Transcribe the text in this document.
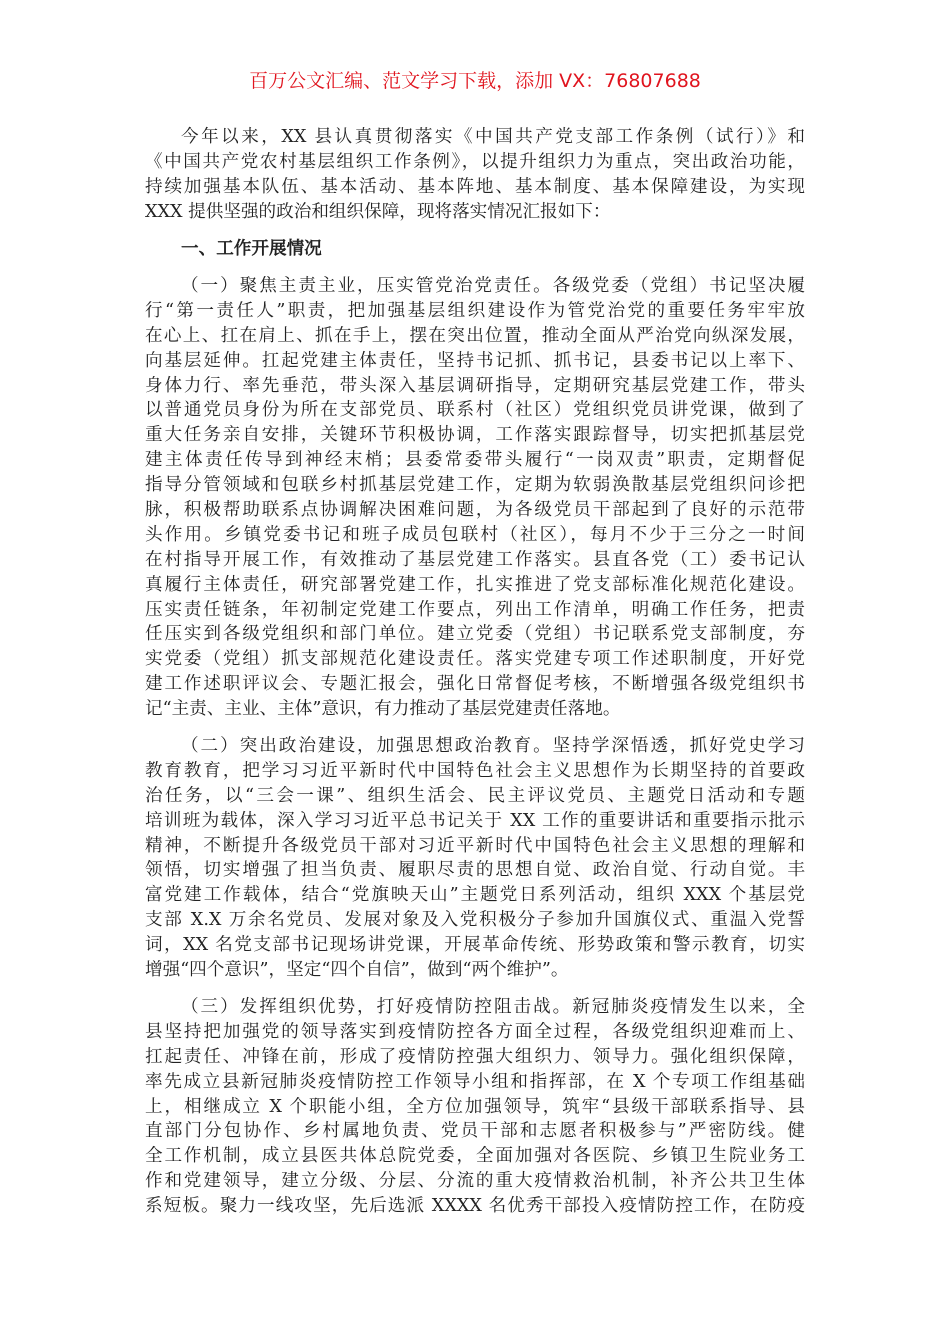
百万公文汇编、范文学习下载，添加 VX：76807688
今年以来，XX 县认真贯彻落实《中国共产党支部工作条例（试行）》和
《中国共产党农村基层组织工作条例》，以提升组织力为重点，突出政治功能，
持续加强基本队伍、基本活动、基本阵地、基本制度、基本保障建设，为实现
XXX 提供坚强的政治和组织保障，现将落实情况汇报如下：
一、工作开展情况
（一）聚焦主责主业，压实管党治党责任。各级党委（党组）书记坚决履
行“第一责任人”职责，把加强基层组织建设作为管党治党的重要任务牢牢放
在心上、扛在肩上、抓在手上，摆在突出位置，推动全面从严治党向纵深发展，
向基层延伸。扛起党建主体责任，坚持书记抓、抓书记，县委书记以上率下、
身体力行、率先垂范，带头深入基层调研指导，定期研究基层党建工作，带头
以普通党员身份为所在支部党员、联系村（社区）党组织党员讲党课，做到了
重大任务亲自安排，关键环节积极协调，工作落实跟踪督导，切实把抓基层党
建主体责任传导到神经末梢；县委常委带头履行“一岗双责”职责，定期督促
指导分管领域和包联乡村抓基层党建工作，定期为软弱涣散基层党组织问诊把
脉，积极帮助联系点协调解决困难问题，为各级党员干部起到了良好的示范带
头作用。乡镇党委书记和班子成员包联村（社区），每月不少于三分之一时间
在村指导开展工作，有效推动了基层党建工作落实。县直各党（工）委书记认
真履行主体责任，研究部署党建工作，扎实推进了党支部标准化规范化建设。
压实责任链条，年初制定党建工作要点，列出工作清单，明确工作任务，把责
任压实到各级党组织和部门单位。建立党委（党组）书记联系党支部制度，夯
实党委（党组）抓支部规范化建设责任。落实党建专项工作述职制度，开好党
建工作述职评议会、专题汇报会，强化日常督促考核，不断增强各级党组织书
记“主责、主业、主体”意识，有力推动了基层党建责任落地。
（二）突出政治建设，加强思想政治教育。坚持学深悟透，抓好党史学习
教育教育，把学习习近平新时代中国特色社会主义思想作为长期坚持的首要政
治任务，以“三会一课”、组织生活会、民主评议党员、主题党日活动和专题
培训班为载体，深入学习习近平总书记关于 XX 工作的重要讲话和重要指示批示
精神，不断提升各级党员干部对习近平新时代中国特色社会主义思想的理解和
领悟，切实增强了担当负责、履职尽责的思想自觉、政治自觉、行动自觉。丰
富党建工作载体，结合“党旗映天山”主题党日系列活动，组织 XXX 个基层党
支部 X.X 万余名党员、发展对象及入党积极分子参加升国旗仪式、重温入党誓
词，XX 名党支部书记现场讲党课，开展革命传统、形势政策和警示教育，切实
增强“四个意识”，坚定“四个自信”，做到“两个维护”。
（三）发挥组织优势，打好疫情防控阻击战。新冠肺炎疫情发生以来，全
县坚持把加强党的领导落实到疫情防控各方面全过程，各级党组织迎难而上、
扛起责任、冲锋在前，形成了疫情防控强大组织力、领导力。强化组织保障，
率先成立县新冠肺炎疫情防控工作领导小组和指挥部，在 X 个专项工作组基础
上，相继成立 X 个职能小组，全方位加强领导，筑牢“县级干部联系指导、县
直部门分包协作、乡村属地负责、党员干部和志愿者积极参与”严密防线。健
全工作机制，成立县医共体总院党委，全面加强对各医院、乡镇卫生院业务工
作和党建领导，建立分级、分层、分流的重大疫情救治机制，补齐公共卫生体
系短板。聚力一线攻坚，先后选派 XXXX 名优秀干部投入疫情防控工作，在防疫
